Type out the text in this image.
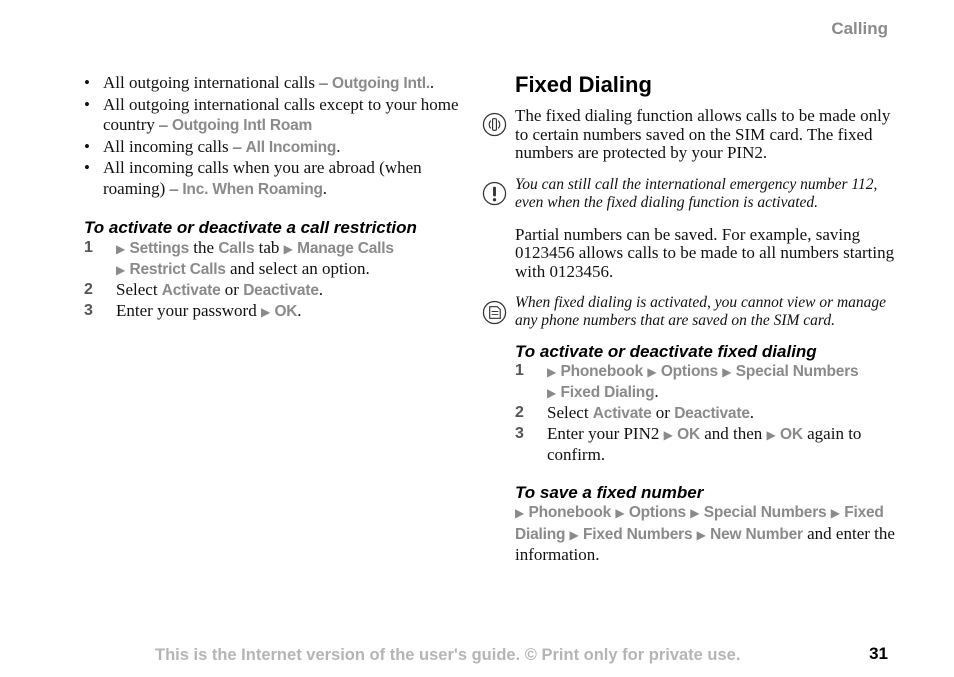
Calling
• All outgoing international calls – Outgoing Intl..
• All outgoing international calls except to your home country – Outgoing Intl Roam
• All incoming calls – All Incoming.
• All incoming calls when you are abroad (when roaming) – Inc. When Roaming.
To activate or deactivate a call restriction
1 ▶ Settings the Calls tab ▶ Manage Calls
▶ Restrict Calls and select an option.
2 Select Activate or Deactivate.
3 Enter your password ▶ OK.
Fixed Dialing
The fixed dialing function allows calls to be made only to certain numbers saved on the SIM card. The fixed numbers are protected by your PIN2.
You can still call the international emergency number 112, even when the fixed dialing function is activated.
Partial numbers can be saved. For example, saving 0123456 allows calls to be made to all numbers starting with 0123456.
When fixed dialing is activated, you cannot view or manage any phone numbers that are saved on the SIM card.
To activate or deactivate fixed dialing
1 ▶ Phonebook ▶ Options ▶ Special Numbers
▶ Fixed Dialing.
2 Select Activate or Deactivate.
3 Enter your PIN2 ▶ OK and then ▶ OK again to confirm.
To save a fixed number
▶ Phonebook ▶ Options ▶ Special Numbers ▶ Fixed Dialing ▶ Fixed Numbers ▶ New Number and enter the information.
This is the Internet version of the user's guide. © Print only for private use.	31
